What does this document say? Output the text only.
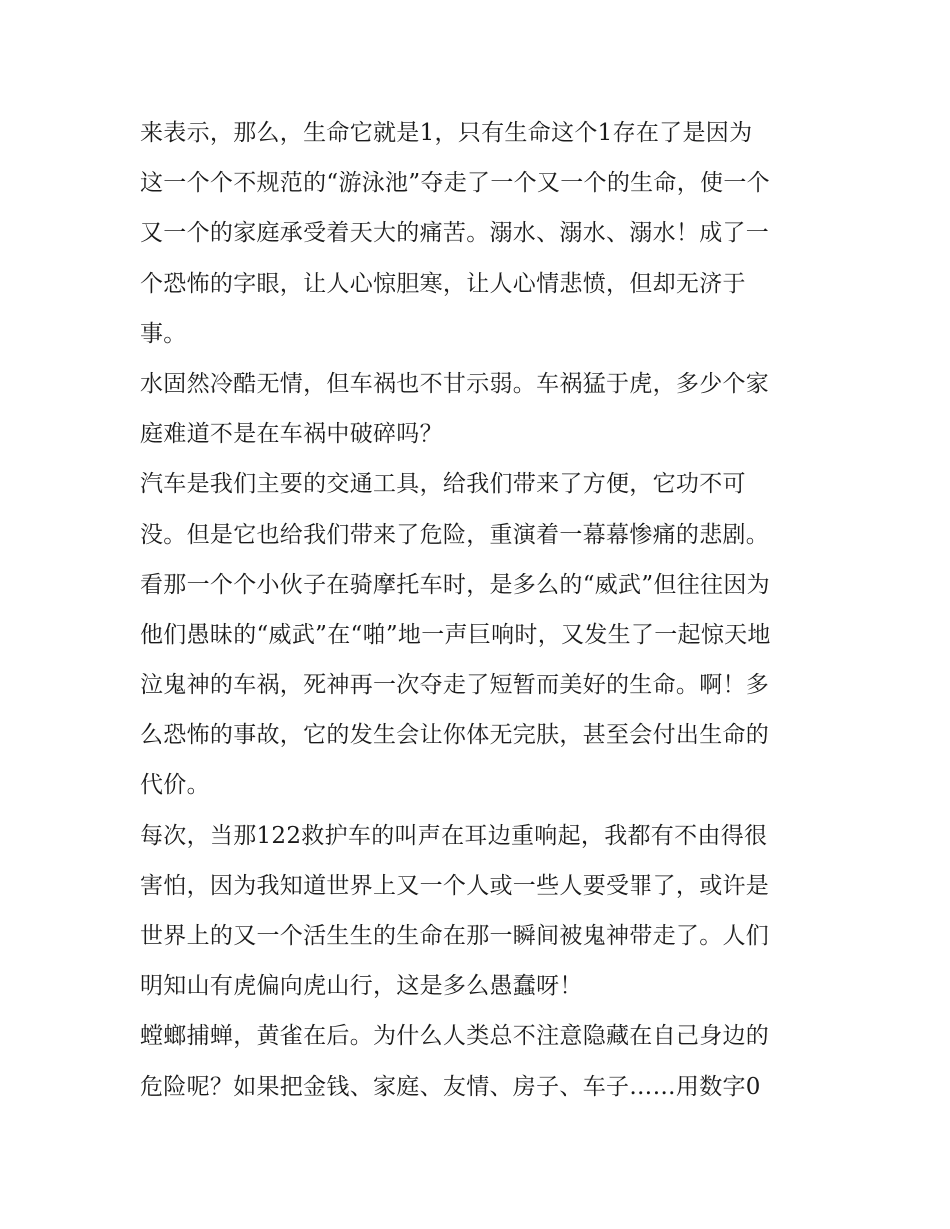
来表示，那么，生命它就是1，只有生命这个1存在了是因为
这一个个不规范的“游泳池”夺走了一个又一个的生命，使一个
又一个的家庭承受着天大的痛苦。溺水、溺水、溺水！成了一
个恐怖的字眼，让人心惊胆寒，让人心情悲愤，但却无济于
事。
水固然冷酷无情，但车祸也不甘示弱。车祸猛于虎，多少个家
庭难道不是在车祸中破碎吗？
汽车是我们主要的交通工具，给我们带来了方便，它功不可
没。但是它也给我们带来了危险，重演着一幕幕惨痛的悲剧。
看那一个个小伙子在骑摩托车时，是多么的“威武”但往往因为
他们愚昧的“威武”在“啪”地一声巨响时，又发生了一起惊天地
泣鬼神的车祸，死神再一次夺走了短暂而美好的生命。啊！多
么恐怖的事故，它的发生会让你体无完肤，甚至会付出生命的
代价。
每次，当那122救护车的叫声在耳边重响起，我都有不由得很
害怕，因为我知道世界上又一个人或一些人要受罪了，或许是
世界上的又一个活生生的生命在那一瞬间被鬼神带走了。人们
明知山有虎偏向虎山行，这是多么愚蠢呀！
螳螂捕蝉，黄雀在后。为什么人类总不注意隐藏在自己身边的
危险呢？如果把金钱、家庭、友情、房子、车子……用数字0
